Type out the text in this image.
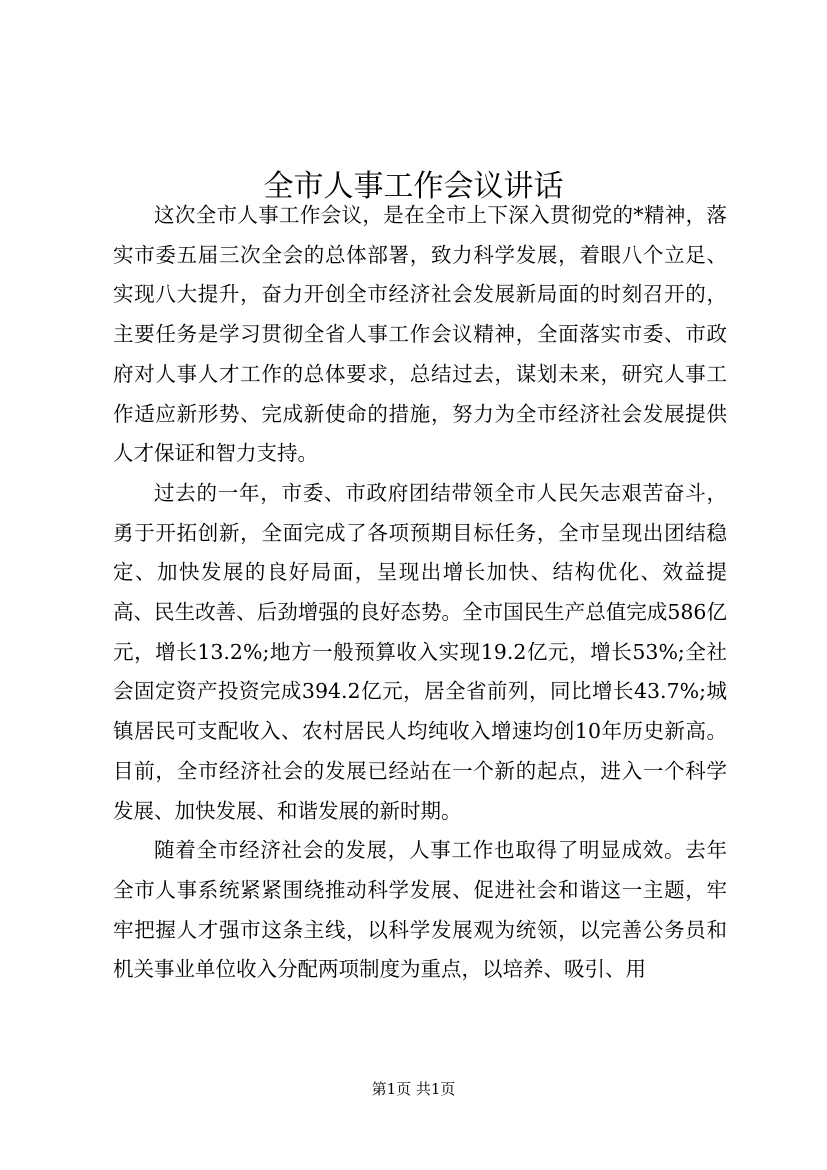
全市人事工作会议讲话

这次全市人事工作会议，是在全市上下深入贯彻党的*精神，落实市委五届三次全会的总体部署，致力科学发展，着眼八个立足、实现八大提升，奋力开创全市经济社会发展新局面的时刻召开的，主要任务是学习贯彻全省人事工作会议精神，全面落实市委、市政府对人事人才工作的总体要求，总结过去，谋划未来，研究人事工作适应新形势、完成新使命的措施，努力为全市经济社会发展提供人才保证和智力支持。

过去的一年，市委、市政府团结带领全市人民矢志艰苦奋斗，勇于开拓创新，全面完成了各项预期目标任务，全市呈现出团结稳定、加快发展的良好局面，呈现出增长加快、结构优化、效益提高、民生改善、后劲增强的良好态势。全市国民生产总值完成586亿元，增长13.2%;地方一般预算收入实现19.2亿元，增长53%;全社会固定资产投资完成394.2亿元，居全省前列，同比增长43.7%;城镇居民可支配收入、农村居民人均纯收入增速均创10年历史新高。目前，全市经济社会的发展已经站在一个新的起点，进入一个科学发展、加快发展、和谐发展的新时期。

随着全市经济社会的发展，人事工作也取得了明显成效。去年全市人事系统紧紧围绕推动科学发展、促进社会和谐这一主题，牢牢把握人才强市这条主线，以科学发展观为统领，以完善公务员和机关事业单位收入分配两项制度为重点，以培养、吸引、用

第1页 共1页
